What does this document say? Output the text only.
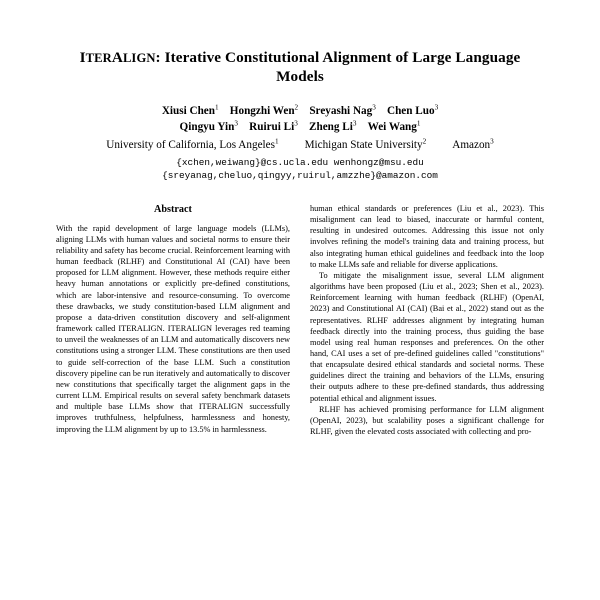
ITERALIGN: Iterative Constitutional Alignment of Large Language Models
Xiusi Chen$^1$ Hongzhi Wen$^2$ Sreyashi Nag$^3$ Chen Luo$^3$
Qingyu Yin$^3$ Ruirui Li$^3$ Zheng Li$^3$ Wei Wang$^1$
University of California, Los Angeles$^1$ Michigan State University$^2$ Amazon$^3$
{xchen,weiwang}@cs.ucla.edu wenhongz@msu.edu
{sreyanag,cheluo,qingyy,ruirul,amzzhe}@amazon.com
Abstract

With the rapid development of large language models (LLMs), aligning LLMs with human values and societal norms to ensure their reliability and safety has become crucial. Reinforcement learning with human feedback (RLHF) and Constitutional AI (CAI) have been proposed for LLM alignment. However, these methods require either heavy human annotations or explicitly pre-defined constitutions, which are labor-intensive and resource-consuming. To overcome these drawbacks, we study constitution-based LLM alignment and propose a data-driven constitution discovery and self-alignment framework called ITERALIGN. ITERALIGN leverages red teaming to unveil the weaknesses of an LLM and automatically discovers new constitutions using a stronger LLM. These constitutions are then used to guide self-correction of the base LLM. Such a constitution discovery pipeline can be run iteratively and automatically to discover new constitutions that specifically target the alignment gaps in the current LLM. Empirical results on several safety benchmark datasets and multiple base LLMs show that ITERALIGN successfully improves truthfulness, helpfulness, harmlessness and honesty, improving the LLM alignment by up to 13.5% in harmlessness.

human ethical standards or preferences (Liu et al., 2023). This misalignment can lead to biased, inaccurate or harmful content, resulting in undesired outcomes. Addressing this issue not only involves refining the model's training data and training process, but also integrating human ethical guidelines and feedback into the loop to make LLMs safe and reliable for diverse applications.

To mitigate the misalignment issue, several LLM alignment algorithms have been proposed (Liu et al., 2023; Shen et al., 2023). Reinforcement learning with human feedback (RLHF) (OpenAI, 2023) and Constitutional AI (CAI) (Bai et al., 2022) stand out as the representatives. RLHF addresses alignment by integrating human feedback directly into the training process, thus guiding the base model using real human responses and preferences. On the other hand, CAI uses a set of pre-defined guidelines called "constitutions" that encapsulate desired ethical standards and societal norms. These guidelines direct the training and behaviors of the LLMs, ensuring their outputs adhere to these pre-defined standards, thus addressing potential ethical and alignment issues.

RLHF has achieved promising performance for LLM alignment (OpenAI, 2023), but scalability poses a significant challenge for RLHF, given the elevated costs associated with collecting and pro-
